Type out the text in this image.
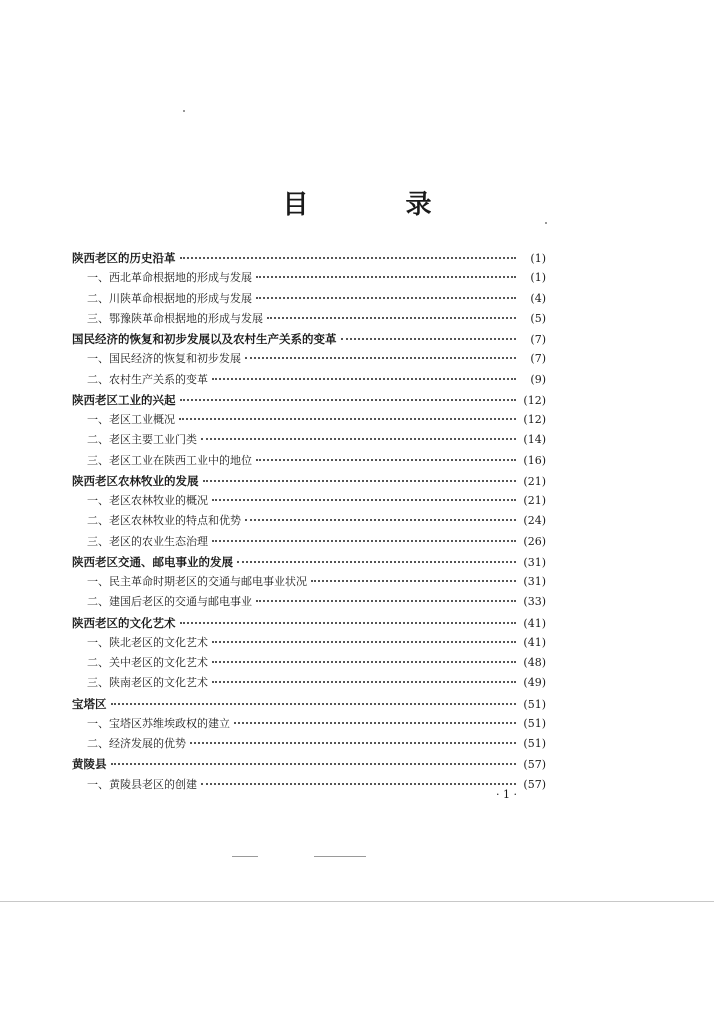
目 录
陕西老区的历史沿革	(1)
一、西北革命根据地的形成与发展	(1)
二、川陕革命根据地的形成与发展	(4)
三、鄂豫陕革命根据地的形成与发展	(5)
国民经济的恢复和初步发展以及农村生产关系的变革	(7)
一、国民经济的恢复和初步发展	(7)
二、农村生产关系的变革	(9)
陕西老区工业的兴起	(12)
一、老区工业概况	(12)
二、老区主要工业门类	(14)
三、老区工业在陕西工业中的地位	(16)
陕西老区农林牧业的发展	(21)
一、老区农林牧业的概况	(21)
二、老区农林牧业的特点和优势	(24)
三、老区的农业生态治理	(26)
陕西老区交通、邮电事业的发展	(31)
一、民主革命时期老区的交通与邮电事业状况	(31)
二、建国后老区的交通与邮电事业	(33)
陕西老区的文化艺术	(41)
一、陕北老区的文化艺术	(41)
二、关中老区的文化艺术	(48)
三、陕南老区的文化艺术	(49)
宝塔区	(51)
一、宝塔区苏维埃政权的建立	(51)
二、经济发展的优势	(51)
黄陵县	(57)
一、黄陵县老区的创建	(57)
· 1 ·
